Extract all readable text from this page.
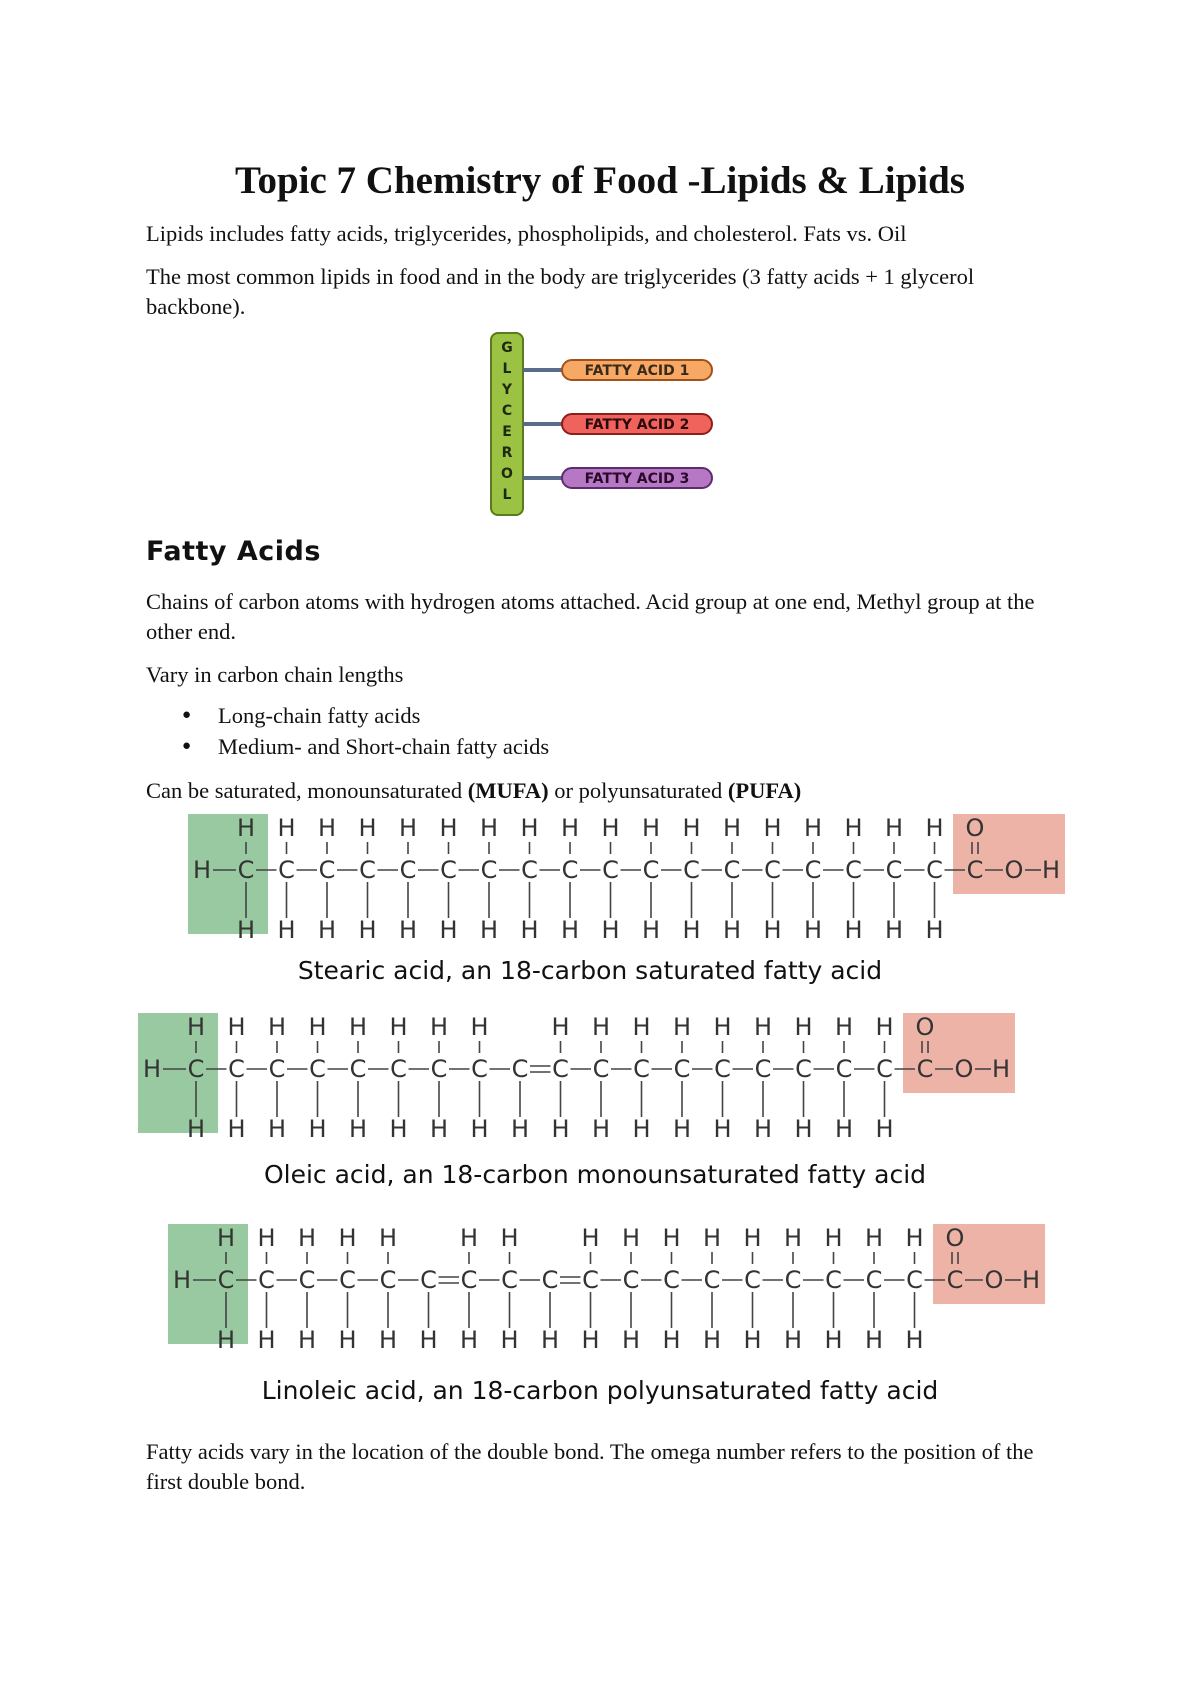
Topic 7 Chemistry of Food -Lipids & Lipids
Lipids includes fatty acids, triglycerides, phospholipids, and cholesterol. Fats vs. Oil
The most common lipids in food and in the body are triglycerides (3 fatty acids + 1 glycerol backbone).
G
L
Y
C
E
R
O
L
FATTY ACID 1
FATTY ACID 2
FATTY ACID 3
Fatty Acids
Chains of carbon atoms with hydrogen atoms attached. Acid group at one end, Methyl group at the other end.
Vary in carbon chain lengths
● Long-chain fatty acids
● Medium- and Short-chain fatty acids
Can be saturated, monounsaturated (MUFA) or polyunsaturated (PUFA)
H C
H
H
C
H
H
C
H
H
C
H
H
C
H
H
C
H
H
C
H
H
C
H
H
C
H
H
C
H
H
C
H
H
C
H
H
C
H
H
C
H
H
C
H
H
C
H
H
C
H
H
C
H
H
C
O
O H
Stearic acid, an 18-carbon saturated fatty acid
H C
H
H
C
H
H
C
H
H
C
H
H
C
H
H
C
H
H
C
H
H
C
H
H
C
H
C
H
H
C
H
H
C
H
H
C
H
H
C
H
H
C
H
H
C
H
H
C
H
H
C
H
H
C
O
O H
Oleic acid, an 18-carbon monounsaturated fatty acid
H C
H
H
C
H
H
C
H
H
C
H
H
C
H
H
C
H
C
H
H
C
H
H
C
H
C
H
H
C
H
H
C
H
H
C
H
H
C
H
H
C
H
H
C
H
H
C
H
H
C
H
H
C
O
O H
Linoleic acid, an 18-carbon polyunsaturated fatty acid
Fatty acids vary in the location of the double bond. The omega number refers to the position of the first double bond.
